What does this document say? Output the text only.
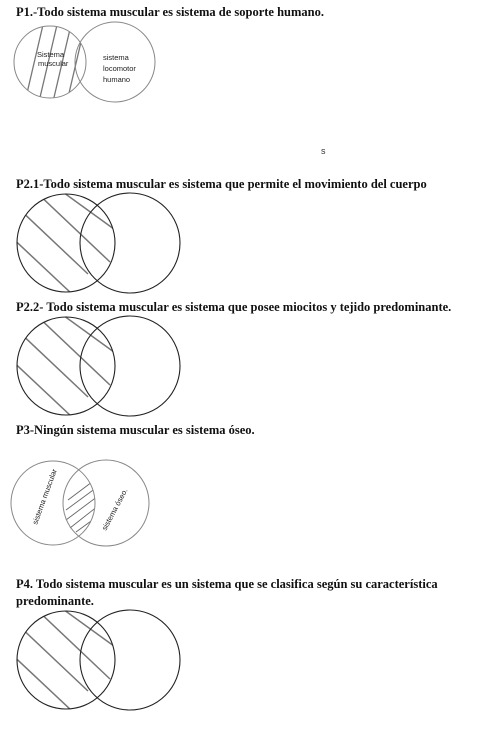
P1.-Todo sistema muscular es sistema de soporte humano.
Sistema
muscular
sistema
locomotor
humano
s
P2.1-Todo sistema muscular es sistema que permite el movimiento del cuerpo
P2.2- Todo sistema muscular es sistema que posee miocitos y tejido predominante.
P3-Ningún sistema muscular es sistema óseo.
sistema muscular	sistema óseo.
P4. Todo sistema muscular es un sistema que se clasifica según su característica predominante.
